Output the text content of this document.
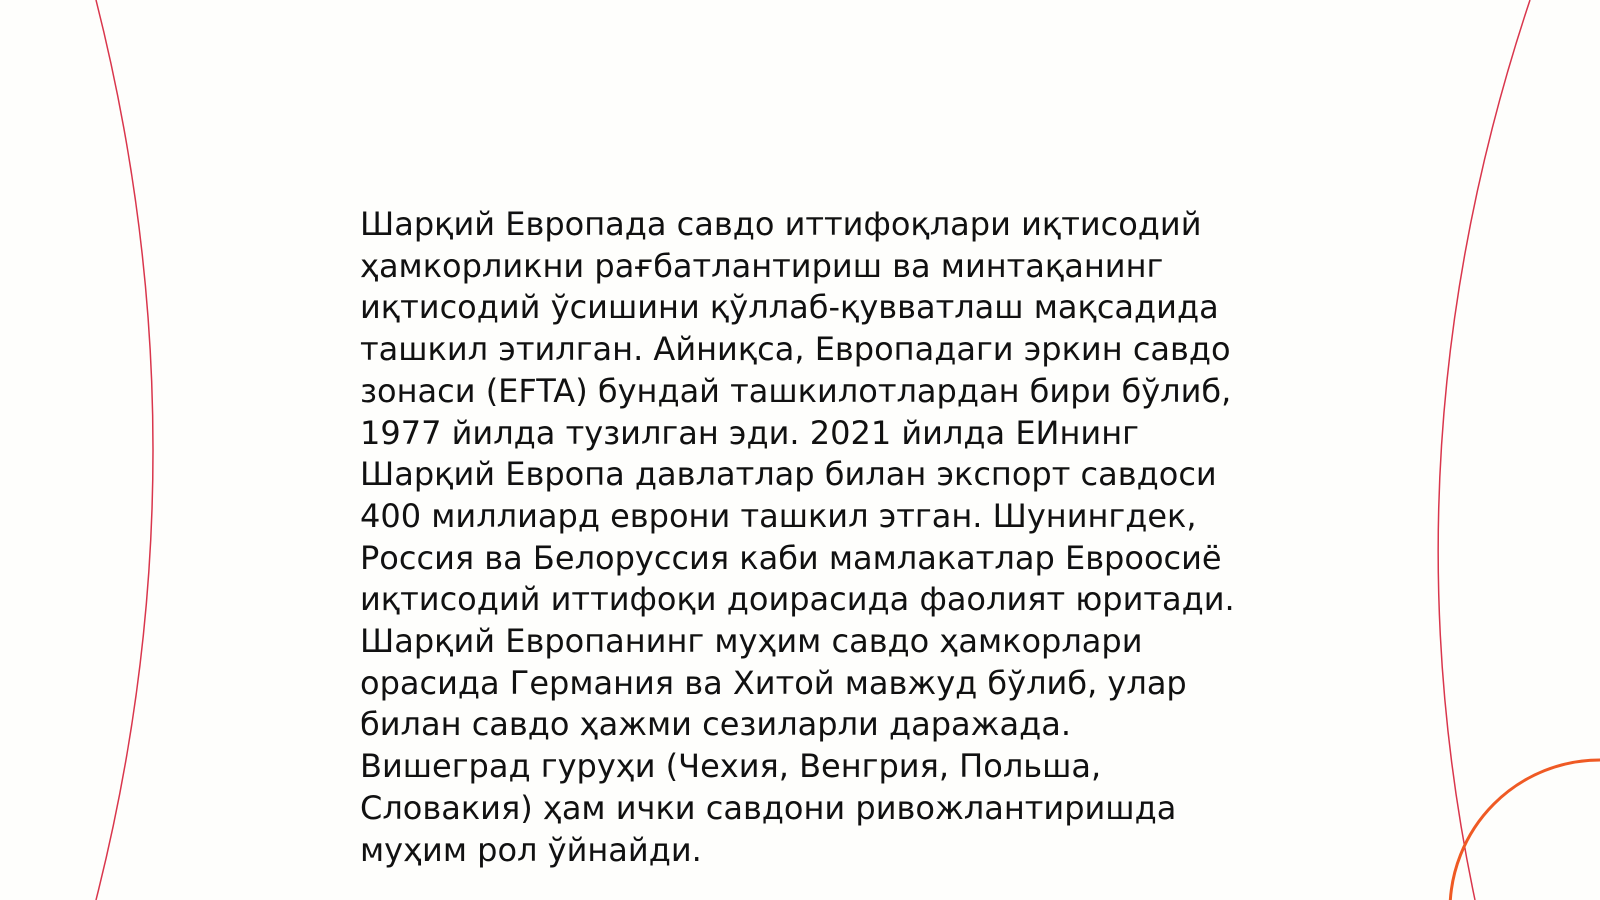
Шарқий Европада савдо иттифоқлари иқтисодий
ҳамкорликни рағбатлантириш ва минтақанинг
иқтисодий ўсишини қўллаб-қувватлаш мақсадида
ташкил этилган. Айниқса, Европадаги эркин савдо
зонаси (EFTA) бундай ташкилотлардан бири бўлиб,
1977 йилда тузилган эди. 2021 йилда ЕИнинг
Шарқий Европа давлатлар билан экспорт савдоси
400 миллиард еврони ташкил этган. Шунингдек,
Россия ва Белоруссия каби мамлакатлар Евроосиё
иқтисодий иттифоқи доирасида фаолият юритади.
Шарқий Европанинг муҳим савдо ҳамкорлари
орасида Германия ва Хитой мавжуд бўлиб, улар
билан савдо ҳажми сезиларли даражада.
Вишеград гуруҳи (Чехия, Венгрия, Польша,
Словакия) ҳам ички савдони ривожлантиришда
муҳим рол ўйнайди.
